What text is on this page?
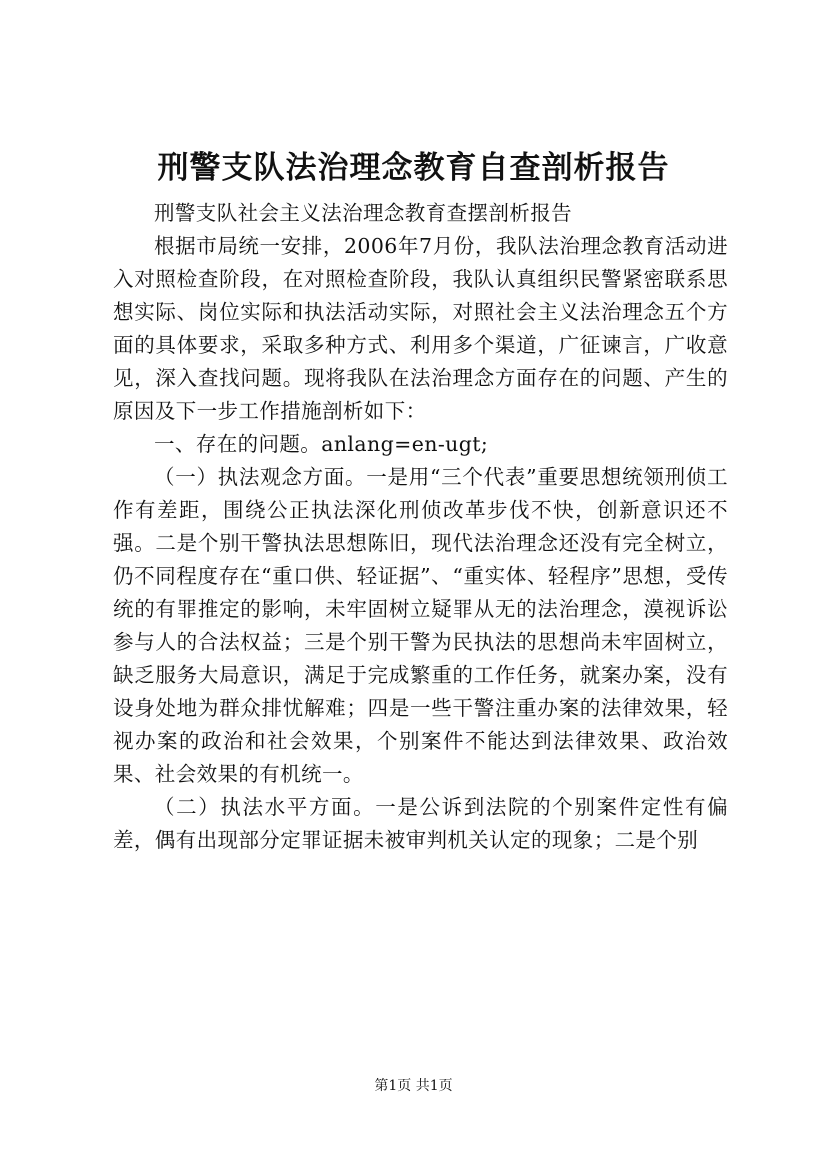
刑警支队法治理念教育自查剖析报告

刑警支队社会主义法治理念教育查摆剖析报告

根据市局统一安排，2006年7月份，我队法治理念教育活动进入对照检查阶段，在对照检查阶段，我队认真组织民警紧密联系思想实际、岗位实际和执法活动实际，对照社会主义法治理念五个方面的具体要求，采取多种方式、利用多个渠道，广征谏言，广收意见，深入查找问题。现将我队在法治理念方面存在的问题、产生的原因及下一步工作措施剖析如下：

一、存在的问题。anlang=en-ugt;

（一）执法观念方面。一是用“三个代表”重要思想统领刑侦工作有差距，围绕公正执法深化刑侦改革步伐不快，创新意识还不强。二是个别干警执法思想陈旧，现代法治理念还没有完全树立，仍不同程度存在“重口供、轻证据”、“重实体、轻程序”思想，受传统的有罪推定的影响，未牢固树立疑罪从无的法治理念，漠视诉讼参与人的合法权益；三是个别干警为民执法的思想尚未牢固树立，缺乏服务大局意识，满足于完成繁重的工作任务，就案办案，没有设身处地为群众排忧解难；四是一些干警注重办案的法律效果，轻视办案的政治和社会效果，个别案件不能达到法律效果、政治效果、社会效果的有机统一。

（二）执法水平方面。一是公诉到法院的个别案件定性有偏差，偶有出现部分定罪证据未被审判机关认定的现象；二是个别

第1页 共1页
